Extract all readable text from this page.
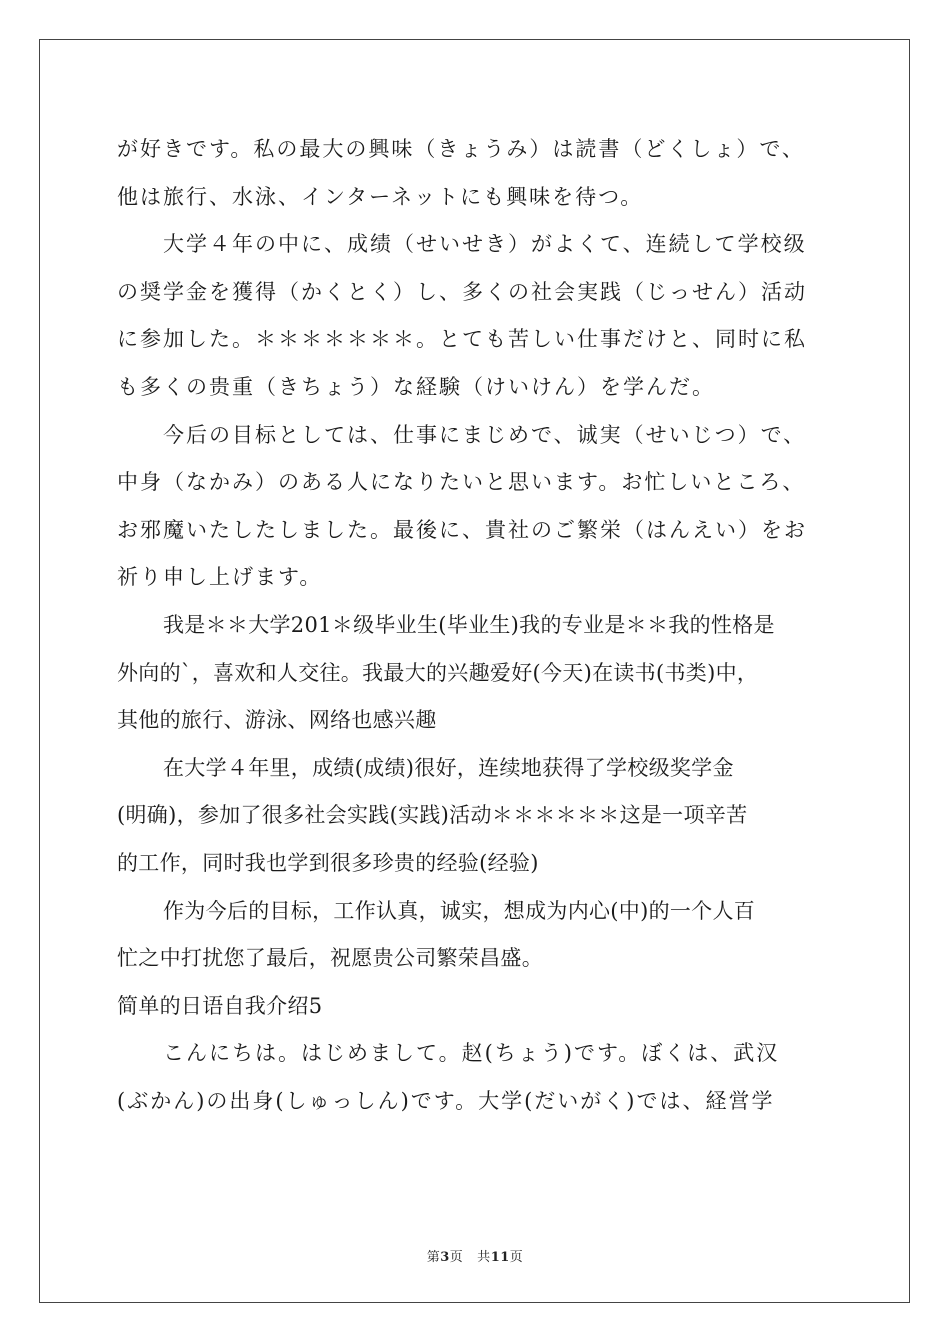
が好きです。私の最大の興味（きょうみ）は読書（どくしょ）で、
他は旅行、水泳、インターネットにも興味を待つ。
大学４年の中に、成绩（せいせき）がよくて、连続して学校级
の奨学金を獲得（かくとく）し、多くの社会実践（じっせん）活动
に参加した。＊＊＊＊＊＊＊。とても苦しい仕事だけと、同时に私
も多くの贵重（きちょう）な経験（けいけん）を学んだ。
今后の目标としては、仕事にまじめで、诚実（せいじつ）で、
中身（なかみ）のある人になりたいと思います。お忙しいところ、
お邪魔いたしたしました。最後に、貴社のご繁栄（はんえい）をお
祈り申し上げます。
我是＊＊大学201＊级毕业生(毕业生)我的专业是＊＊我的性格是
外向的`，喜欢和人交往。我最大的兴趣爱好(今天)在读书(书类)中，
其他的旅行、游泳、网络也感兴趣
在大学４年里，成绩(成绩)很好，连续地获得了学校级奖学金
(明确)，参加了很多社会实践(实践)活动＊＊＊＊＊＊这是一项辛苦
的工作，同时我也学到很多珍贵的经验(经验)
作为今后的目标，工作认真，诚实，想成为内心(中)的一个人百
忙之中打扰您了最后，祝愿贵公司繁荣昌盛。
简单的日语自我介绍5
こんにちは。はじめまして。赵(ちょう)です。ぼくは、武汉
(ぶかん)の出身(しゅっしん)です。大学(だいがく)では、経営学
第3页 共11页
